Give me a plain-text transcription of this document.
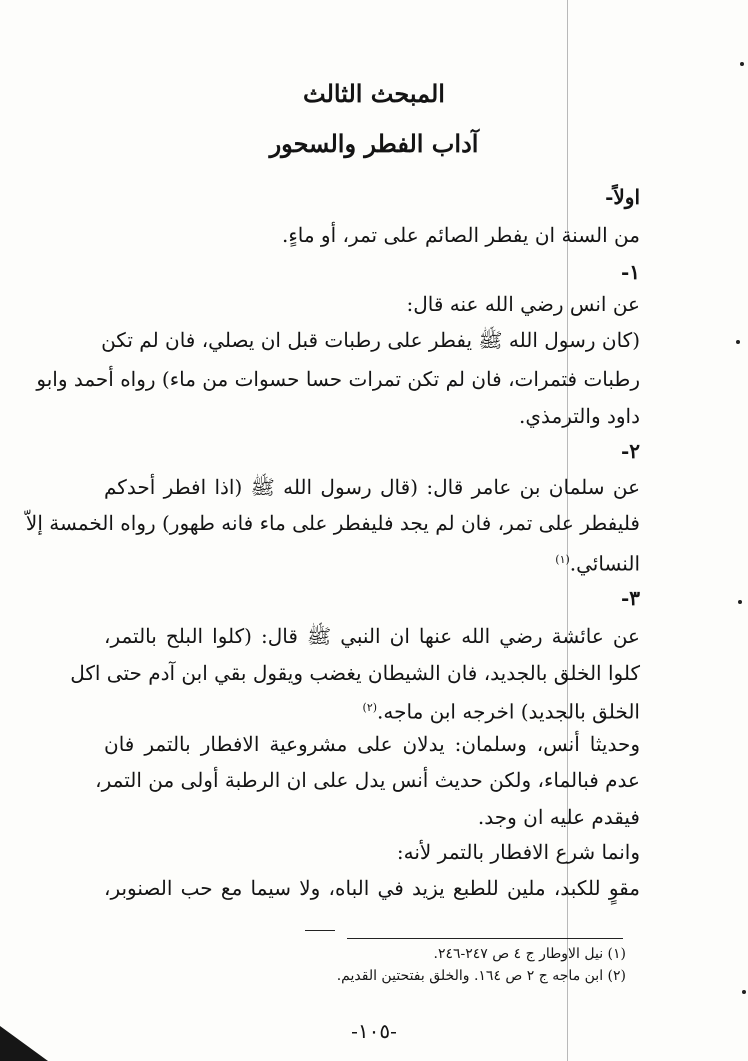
المبحث الثالث
آداب الفطر والسحور
اولاً-
من السنة ان يفطر الصائم على تمر، أو ماءٍ.
١-
عن انس رضي الله عنه قال:
(كان رسول الله ﷺ يفطر على رطبات قبل ان يصلي، فان لم تكن
رطبات فتمرات، فان لم تكن تمرات حسا حسوات من ماء) رواه أحمد وابو
داود والترمذي.
٢-
عن سلمان بن عامر قال: (قال رسول الله ﷺ (اذا افطر أحدكم
فليفطر على تمر، فان لم يجد فليفطر على ماء فانه طهور) رواه الخمسة إلاّ
النسائي.$^{(١)}$
٣-
عن عائشة رضي الله عنها ان النبي ﷺ قال: (كلوا البلح بالتمر،
كلوا الخلق بالجديد، فان الشيطان يغضب ويقول بقي ابن آدم حتى اكل
الخلق بالجديد) اخرجه ابن ماجه.$^{(٢)}$
وحديثا أنس، وسلمان: يدلان على مشروعية الافطار بالتمر فان
عدم فبالماء، ولكن حديث أنس يدل على ان الرطبة أولى من التمر،
فيقدم عليه ان وجد.
وانما شرع الافطار بالتمر لأنه:
مقوٍ للكبد، ملين للطبع يزيد في الباه، ولا سيما مع حب الصنوبر،
(١) نيل الاوطار ج ٤ ص ٢٤٧-٢٤٦.
(٢) ابن ماجه ج ٢ ص ١٦٤. والخلق بفتحتين القديم.
-١٠٥-
